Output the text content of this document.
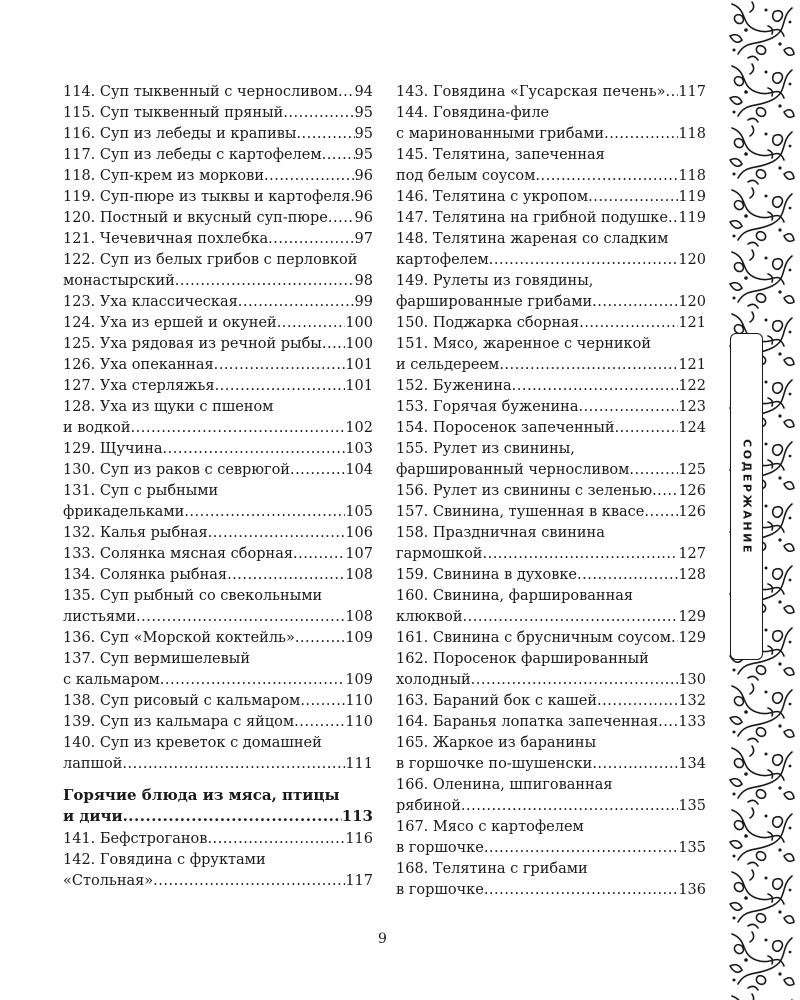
114. Суп тыквенный с черносливом ..... 94
115. Суп тыквенный пряный .....	95
116. Суп из лебеды и крапивы .....	95
117. Суп из лебеды с картофелем ..... 95
118. Суп-крем из моркови .....	96
119. Суп-пюре из тыквы и картофеля ..... 96
120. Постный и вкусный суп-пюре ..... 96
121. Чечевичная похлебка .....	97
122. Суп из белых грибов с перловкой
монастырский .....	98
123. Уха классическая .....	99
124. Уха из ершей и окуней .....	100
125. Уха рядовая из речной рыбы ..... 100
126. Уха опеканная .....	101
127. Уха стерляжья .....	101
128. Уха из щуки с пшеном
и водкой .....	102
129. Щучина .....	103
130. Суп из раков с севрюгой .....	104
131. Суп с рыбными
фрикадельками .....	105
132. Калья рыбная .....	106
133. Солянка мясная сборная .....	107
134. Солянка рыбная .....	108
135. Суп рыбный со свекольными
листьями .....	108
136. Суп «Морской коктейль» .....	109
137. Суп вермишелевый
с кальмаром .....	109
138. Суп рисовый с кальмаром .....	110
139. Суп из кальмара с яйцом .....	110
140. Суп из креветок с домашней
лапшой .....	111
Горячие блюда из мяса, птицы
и дичи .....	113
141. Бефстроганов .....	116
142. Говядина с фруктами
«Стольная» .....	117
143. Говядина «Гусарская печень» ..... 117
144. Говядина-филе
с маринованными грибами .....	118
145. Телятина, запеченная
под белым соусом .....	118
146. Телятина с укропом .....	119
147. Телятина на грибной подушке ..... 119
148. Телятина жареная со сладким
картофелем .....	120
149. Рулеты из говядины,
фаршированные грибами .....	120
150. Поджарка сборная .....	121
151. Мясо, жаренное с черникой
и сельдереем .....	121
152. Буженина .....	122
153. Горячая буженина .....	123
154. Поросенок запеченный .....	124
155. Рулет из свинины,
фаршированный черносливом .....	125
156. Рулет из свинины с зеленью ..... 126
157. Свинина, тушенная в квасе ..... 126
158. Праздничная свинина
гармошкой .....	127
159. Свинина в духовке .....	128
160. Свинина, фаршированная
клюквой .....	129
161. Свинина с брусничным соусом ..... 129
162. Поросенок фаршированный
холодный .....	130
163. Бараний бок с кашей .....	132
164. Баранья лопатка запеченная ..... 133
165. Жаркое из баранины
в горшочке по-шушенски .....	134
166. Оленина, шпигованная
рябиной .....	135
167. Мясо с картофелем
в горшочке .....	135
168. Телятина с грибами
в горшочке .....	136
9
СОДЕРЖАНИЕ
